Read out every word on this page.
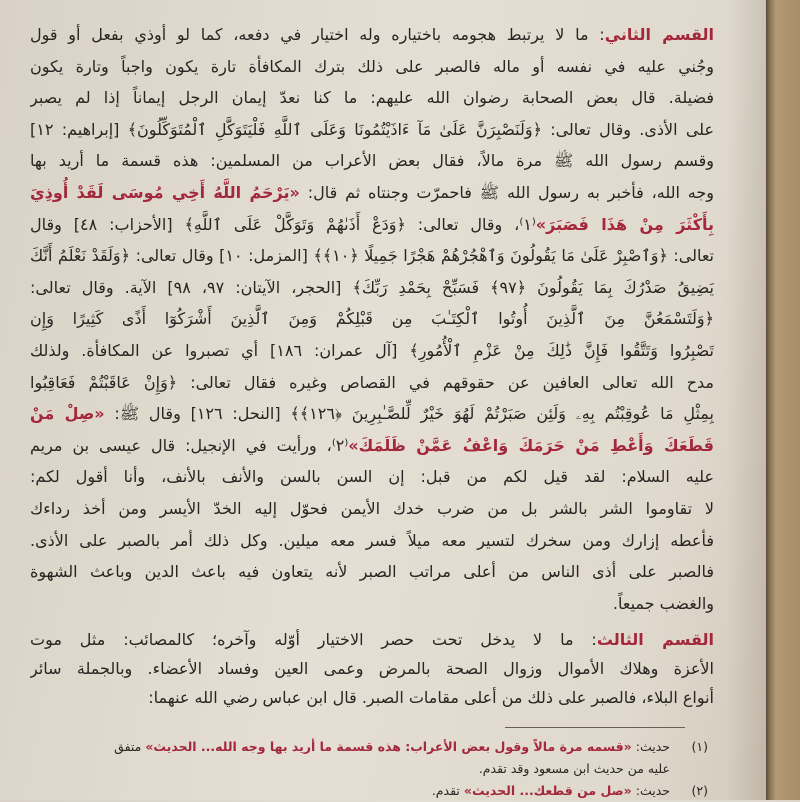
القسم الثاني: ما لا يرتبط هجومه باختياره وله اختيار في دفعه، كما لو أوذي بفعل أو قول
وجُني عليه في نفسه أو ماله فالصبر على ذلك بترك المكافأة تارة يكون واجباً وتارة يكون
فضيلة. قال بعض الصحابة رضوان الله عليهم: ما كنا نعدّ إيمان الرجل إيماناً إذا لم يصبر
على الأذى. وقال تعالى: ﴿وَلَنَصْبِرَنَّ عَلَىٰ مَآ ءَاذَيْتُمُونَا وَعَلَى ٱللَّهِ فَلْيَتَوَكَّلِ ٱلْمُتَوَكِّلُونَ﴾ [إبراهيم: ١٢]
وقسم رسول الله ﷺ مرة مالاً، فقال بعض الأعراب من المسلمين: هذه قسمة ما أريد بها
وجه الله، فأخبر به رسول الله ﷺ فاحمرّت وجنتاه ثم قال: «يَرْحَمُ اللَّهُ أَخِي مُوسَى لَقَدْ أُوذِيَ
بِأَكْثَرَ مِنْ هَذَا فَصَبَرَ»⁽١⁾، وقال تعالى: ﴿وَدَعْ أَذَىٰهُمْ وَتَوَكَّلْ عَلَى ٱللَّهِ﴾ [الأحزاب: ٤٨] وقال
تعالى: ﴿وَٱصْبِرْ عَلَىٰ مَا يَقُولُونَ وَٱهْجُرْهُمْ هَجْرًا جَمِيلًا ﴿١٠﴾﴾ [المزمل: ١٠] وقال تعالى: ﴿وَلَقَدْ نَعْلَمُ أَنَّكَ
يَضِيقُ صَدْرُكَ بِمَا يَقُولُونَ ﴿٩٧﴾ فَسَبِّحْ بِحَمْدِ رَبِّكَ﴾ [الحجر، الآيتان: ٩٧، ٩٨] الآية. وقال تعالى:
﴿وَلَتَسْمَعُنَّ مِنَ ٱلَّذِينَ أُوتُوا ٱلْكِتَـٰبَ مِن قَبْلِكُمْ وَمِنَ ٱلَّذِينَ أَشْرَكُوٓا أَذًى كَثِيرًا وَإِن
تَصْبِرُوا وَتَتَّقُوا فَإِنَّ ذَٰلِكَ مِنْ عَزْمِ ٱلْأُمُورِ﴾ [آل عمران: ١٨٦] أي تصبروا عن المكافأة. ولذلك
مدح الله تعالى العافين عن حقوقهم في القصاص وغيره فقال تعالى: ﴿وَإِنْ عَاقَبْتُمْ فَعَاقِبُوا
بِمِثْلِ مَا عُوقِبْتُم بِهِۦ وَلَئِن صَبَرْتُمْ لَهُوَ خَيْرٌ لِّلصَّـٰبِرِينَ ﴿١٢٦﴾﴾ [النحل: ١٢٦] وقال ﷺ: «صِلْ مَنْ
قَطَعَكَ وَأَعْطِ مَنْ حَرَمَكَ وَاعْفُ عَمَّنْ ظَلَمَكَ»⁽٢⁾، ورأيت في الإنجيل: قال عيسى بن مريم
عليه السلام: لقد قيل لكم من قبل: إن السن بالسن والأنف بالأنف، وأنا أقول لكم:
لا تقاوموا الشر بالشر بل من ضرب خدك الأيمن فحوّل إليه الخدّ الأيسر ومن أخذ رداءك
فأعطه إزارك ومن سخرك لتسير معه ميلاً فسر معه ميلين. وكل ذلك أمر بالصبر على الأذى.
فالصبر على أذى الناس من أعلى مراتب الصبر لأنه يتعاون فيه باعث الدين وباعث الشهوة
والغضب جميعاً.
القسم الثالث: ما لا يدخل تحت حصر الاختيار أوّله وآخره؛ كالمصائب: مثل موت
الأعزة وهلاك الأموال وزوال الصحة بالمرض وعمى العين وفساد الأعضاء. وبالجملة سائر
أنواع البلاء، فالصبر على ذلك من أعلى مقامات الصبر. قال ابن عباس رضي الله عنهما:
(١)حديث: «قسمه مرة مالاً وقول بعض الأعراب: هذه قسمة ما أريد بها وجه الله... الحديث» متفق
عليه من حديث ابن مسعود وقد تقدم.
(٢)حديث: «صل من قطعك... الحديث» تقدم.
